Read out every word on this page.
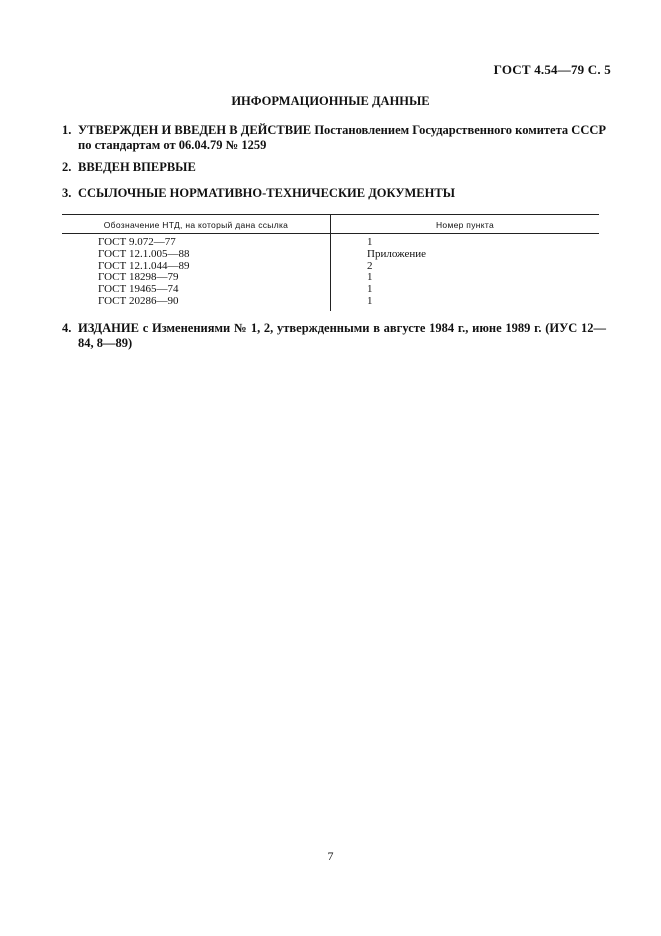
ГОСТ 4.54—79 С. 5
ИНФОРМАЦИОННЫЕ ДАННЫЕ
1. УТВЕРЖДЕН И ВВЕДЕН В ДЕЙСТВИЕ Постановлением Государственного комитета СССР по стандартам от 06.04.79 № 1259
2. ВВЕДЕН ВПЕРВЫЕ
3. ССЫЛОЧНЫЕ НОРМАТИВНО-ТЕХНИЧЕСКИЕ ДОКУМЕНТЫ
Обозначение НТД, на который дана ссылка	Номер пункта
ГОСТ 9.072—77
ГОСТ 12.1.005—88
ГОСТ 12.1.044—89
ГОСТ 18298—79
ГОСТ 19465—74
ГОСТ 20286—90
1
Приложение
2
1
1
1
4. ИЗДАНИЕ с Изменениями № 1, 2, утвержденными в августе 1984 г., июне 1989 г. (ИУС 12—84, 8—89)
7
